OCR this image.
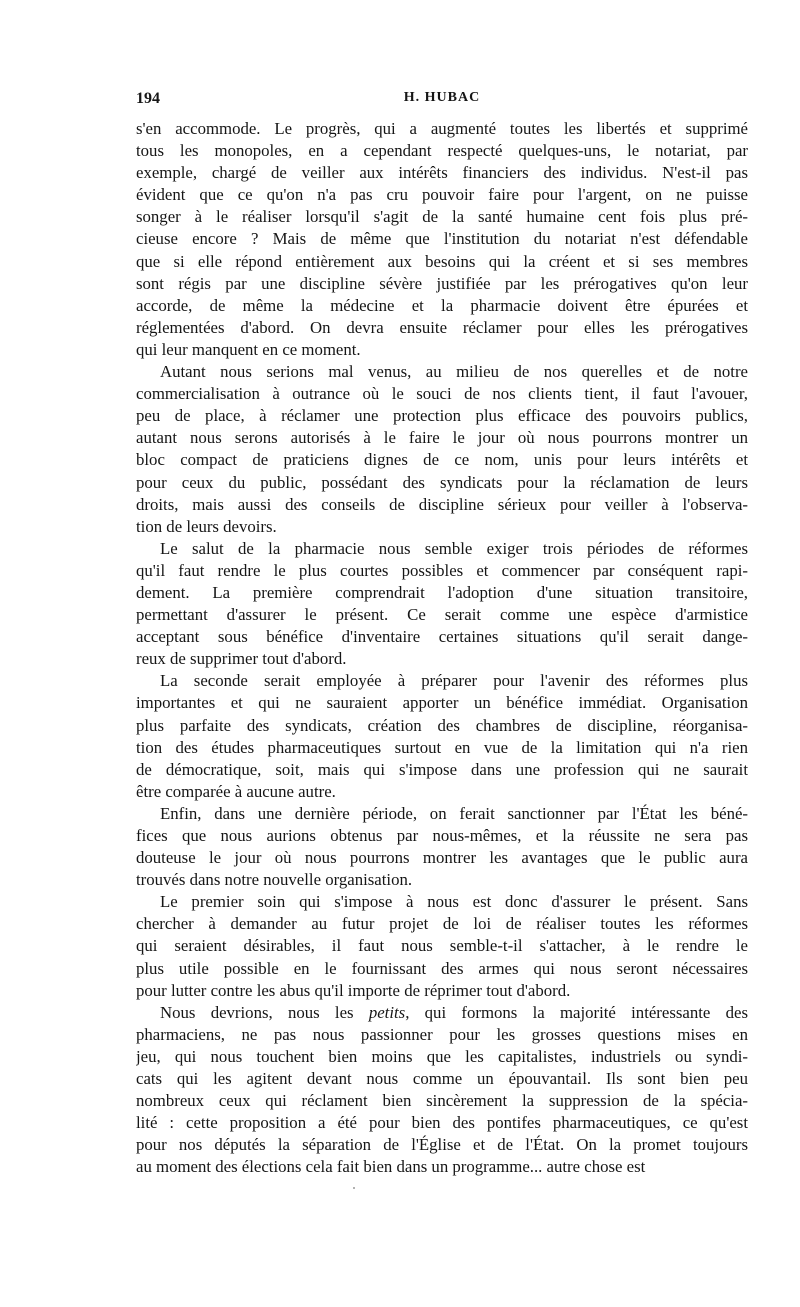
194	H. HUBAC
s'en accommode. Le progrès, qui a augmenté toutes les libertés et supprimé
tous les monopoles, en a cependant respecté quelques-uns, le notariat, par
exemple, chargé de veiller aux intérêts financiers des individus. N'est-il pas
évident que ce qu'on n'a pas cru pouvoir faire pour l'argent, on ne puisse
songer à le réaliser lorsqu'il s'agit de la santé humaine cent fois plus pré-
cieuse encore ? Mais de même que l'institution du notariat n'est défendable
que si elle répond entièrement aux besoins qui la créent et si ses membres
sont régis par une discipline sévère justifiée par les prérogatives qu'on leur
accorde, de même la médecine et la pharmacie doivent être épurées et
réglementées d'abord. On devra ensuite réclamer pour elles les prérogatives
qui leur manquent en ce moment.
Autant nous serions mal venus, au milieu de nos querelles et de notre
commercialisation à outrance où le souci de nos clients tient, il faut l'avouer,
peu de place, à réclamer une protection plus efficace des pouvoirs publics,
autant nous serons autorisés à le faire le jour où nous pourrons montrer un
bloc compact de praticiens dignes de ce nom, unis pour leurs intérêts et
pour ceux du public, possédant des syndicats pour la réclamation de leurs
droits, mais aussi des conseils de discipline sérieux pour veiller à l'observa-
tion de leurs devoirs.
Le salut de la pharmacie nous semble exiger trois périodes de réformes
qu'il faut rendre le plus courtes possibles et commencer par conséquent rapi-
dement. La première comprendrait l'adoption d'une situation transitoire,
permettant d'assurer le présent. Ce serait comme une espèce d'armistice
acceptant sous bénéfice d'inventaire certaines situations qu'il serait dange-
reux de supprimer tout d'abord.
La seconde serait employée à préparer pour l'avenir des réformes plus
importantes et qui ne sauraient apporter un bénéfice immédiat. Organisation
plus parfaite des syndicats, création des chambres de discipline, réorganisa-
tion des études pharmaceutiques surtout en vue de la limitation qui n'a rien
de démocratique, soit, mais qui s'impose dans une profession qui ne saurait
être comparée à aucune autre.
Enfin, dans une dernière période, on ferait sanctionner par l'État les béné-
fices que nous aurions obtenus par nous-mêmes, et la réussite ne sera pas
douteuse le jour où nous pourrons montrer les avantages que le public aura
trouvés dans notre nouvelle organisation.
Le premier soin qui s'impose à nous est donc d'assurer le présent. Sans
chercher à demander au futur projet de loi de réaliser toutes les réformes
qui seraient désirables, il faut nous semble-t-il s'attacher, à le rendre le
plus utile possible en le fournissant des armes qui nous seront nécessaires
pour lutter contre les abus qu'il importe de réprimer tout d'abord.
Nous devrions, nous les petits, qui formons la majorité intéressante des
pharmaciens, ne pas nous passionner pour les grosses questions mises en
jeu, qui nous touchent bien moins que les capitalistes, industriels ou syndi-
cats qui les agitent devant nous comme un épouvantail. Ils sont bien peu
nombreux ceux qui réclament bien sincèrement la suppression de la spécia-
lité : cette proposition a été pour bien des pontifes pharmaceutiques, ce qu'est
pour nos députés la séparation de l'Église et de l'État. On la promet toujours
au moment des élections cela fait bien dans un programme... autre chose est
